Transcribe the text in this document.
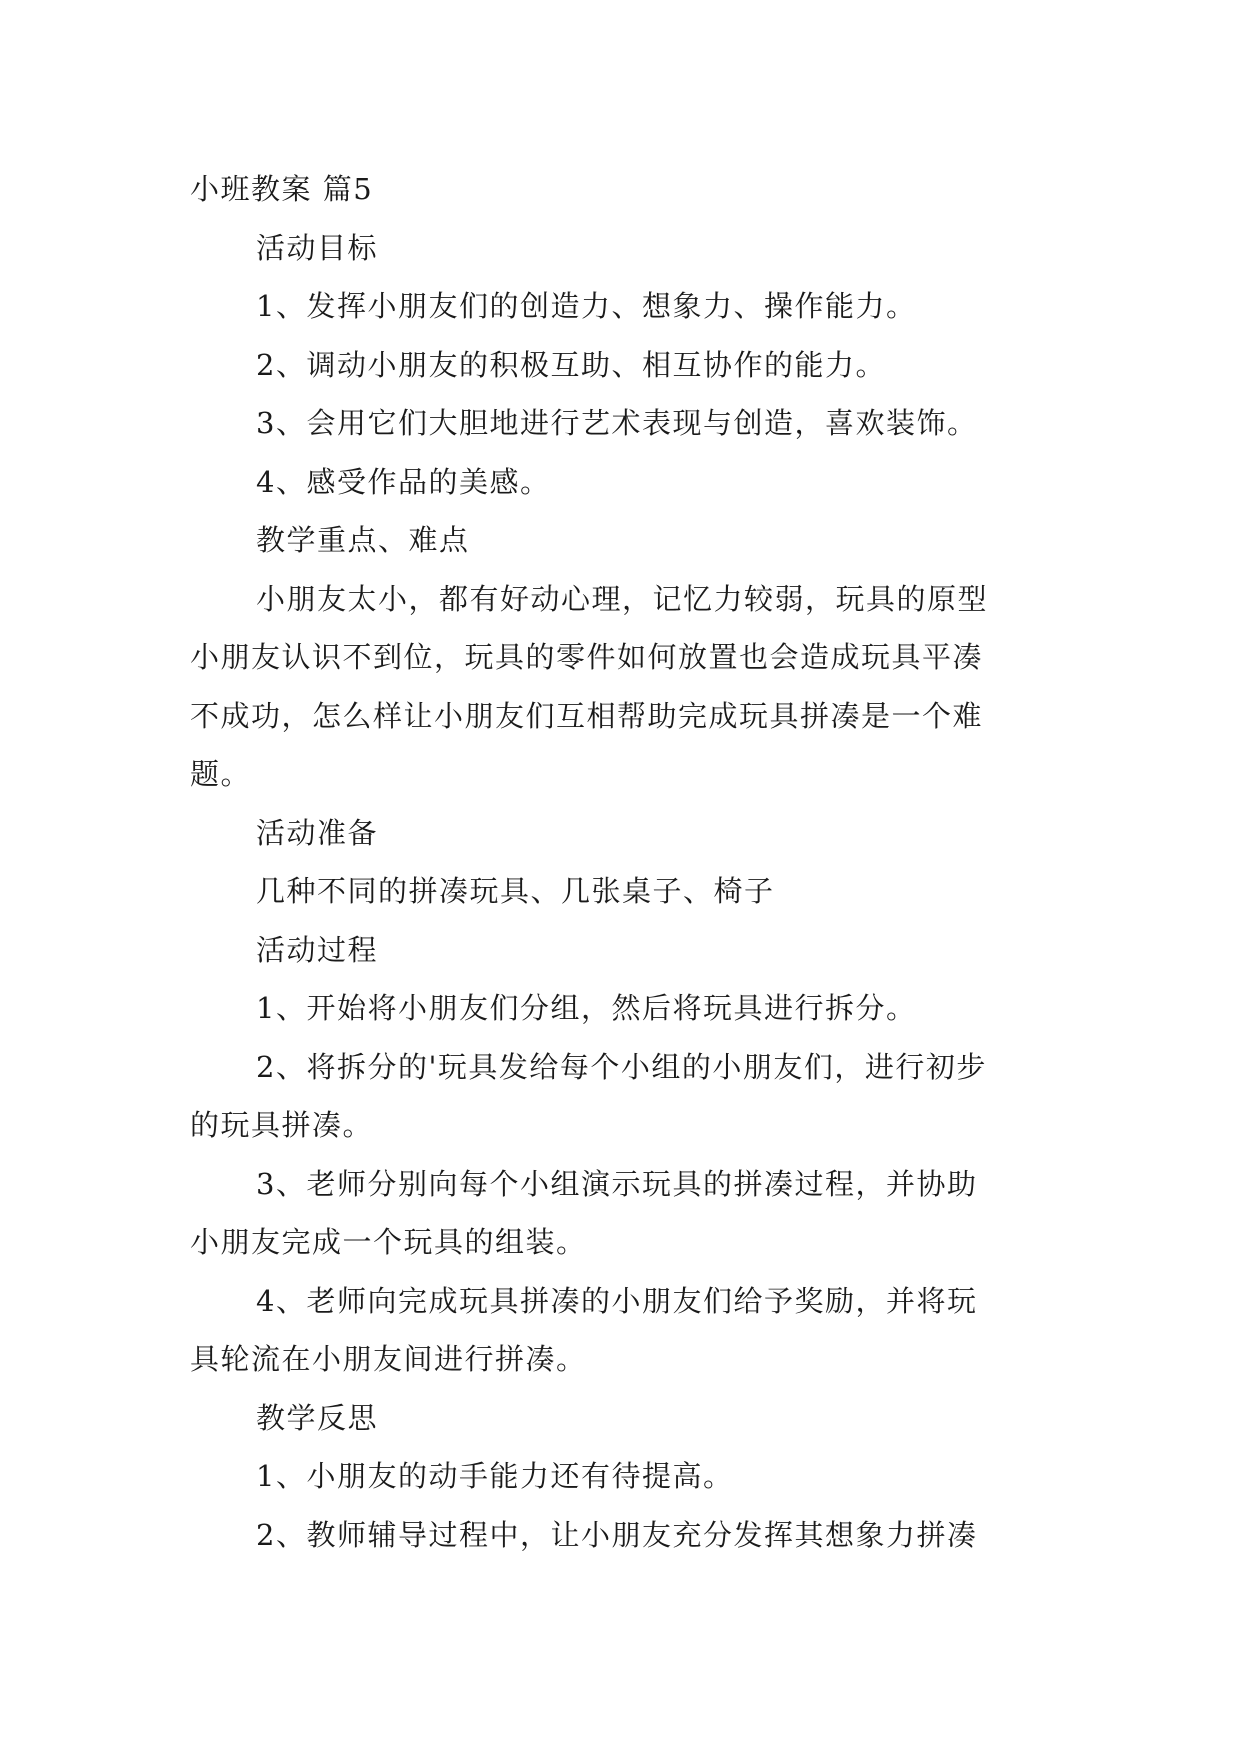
小班教案 篇5

活动目标

1、发挥小朋友们的创造力、想象力、操作能力。

2、调动小朋友的积极互助、相互协作的能力。

3、会用它们大胆地进行艺术表现与创造，喜欢装饰。

4、感受作品的美感。

教学重点、难点

小朋友太小，都有好动心理，记忆力较弱，玩具的原型

小朋友认识不到位，玩具的零件如何放置也会造成玩具平凑

不成功，怎么样让小朋友们互相帮助完成玩具拼凑是一个难

题。

活动准备

几种不同的拼凑玩具、几张桌子、椅子

活动过程

1、开始将小朋友们分组，然后将玩具进行拆分。

2、将拆分的'玩具发给每个小组的小朋友们，进行初步

的玩具拼凑。

3、老师分别向每个小组演示玩具的拼凑过程，并协助

小朋友完成一个玩具的组装。

4、老师向完成玩具拼凑的小朋友们给予奖励，并将玩

具轮流在小朋友间进行拼凑。

教学反思

1、小朋友的动手能力还有待提高。

2、教师辅导过程中，让小朋友充分发挥其想象力拼凑
